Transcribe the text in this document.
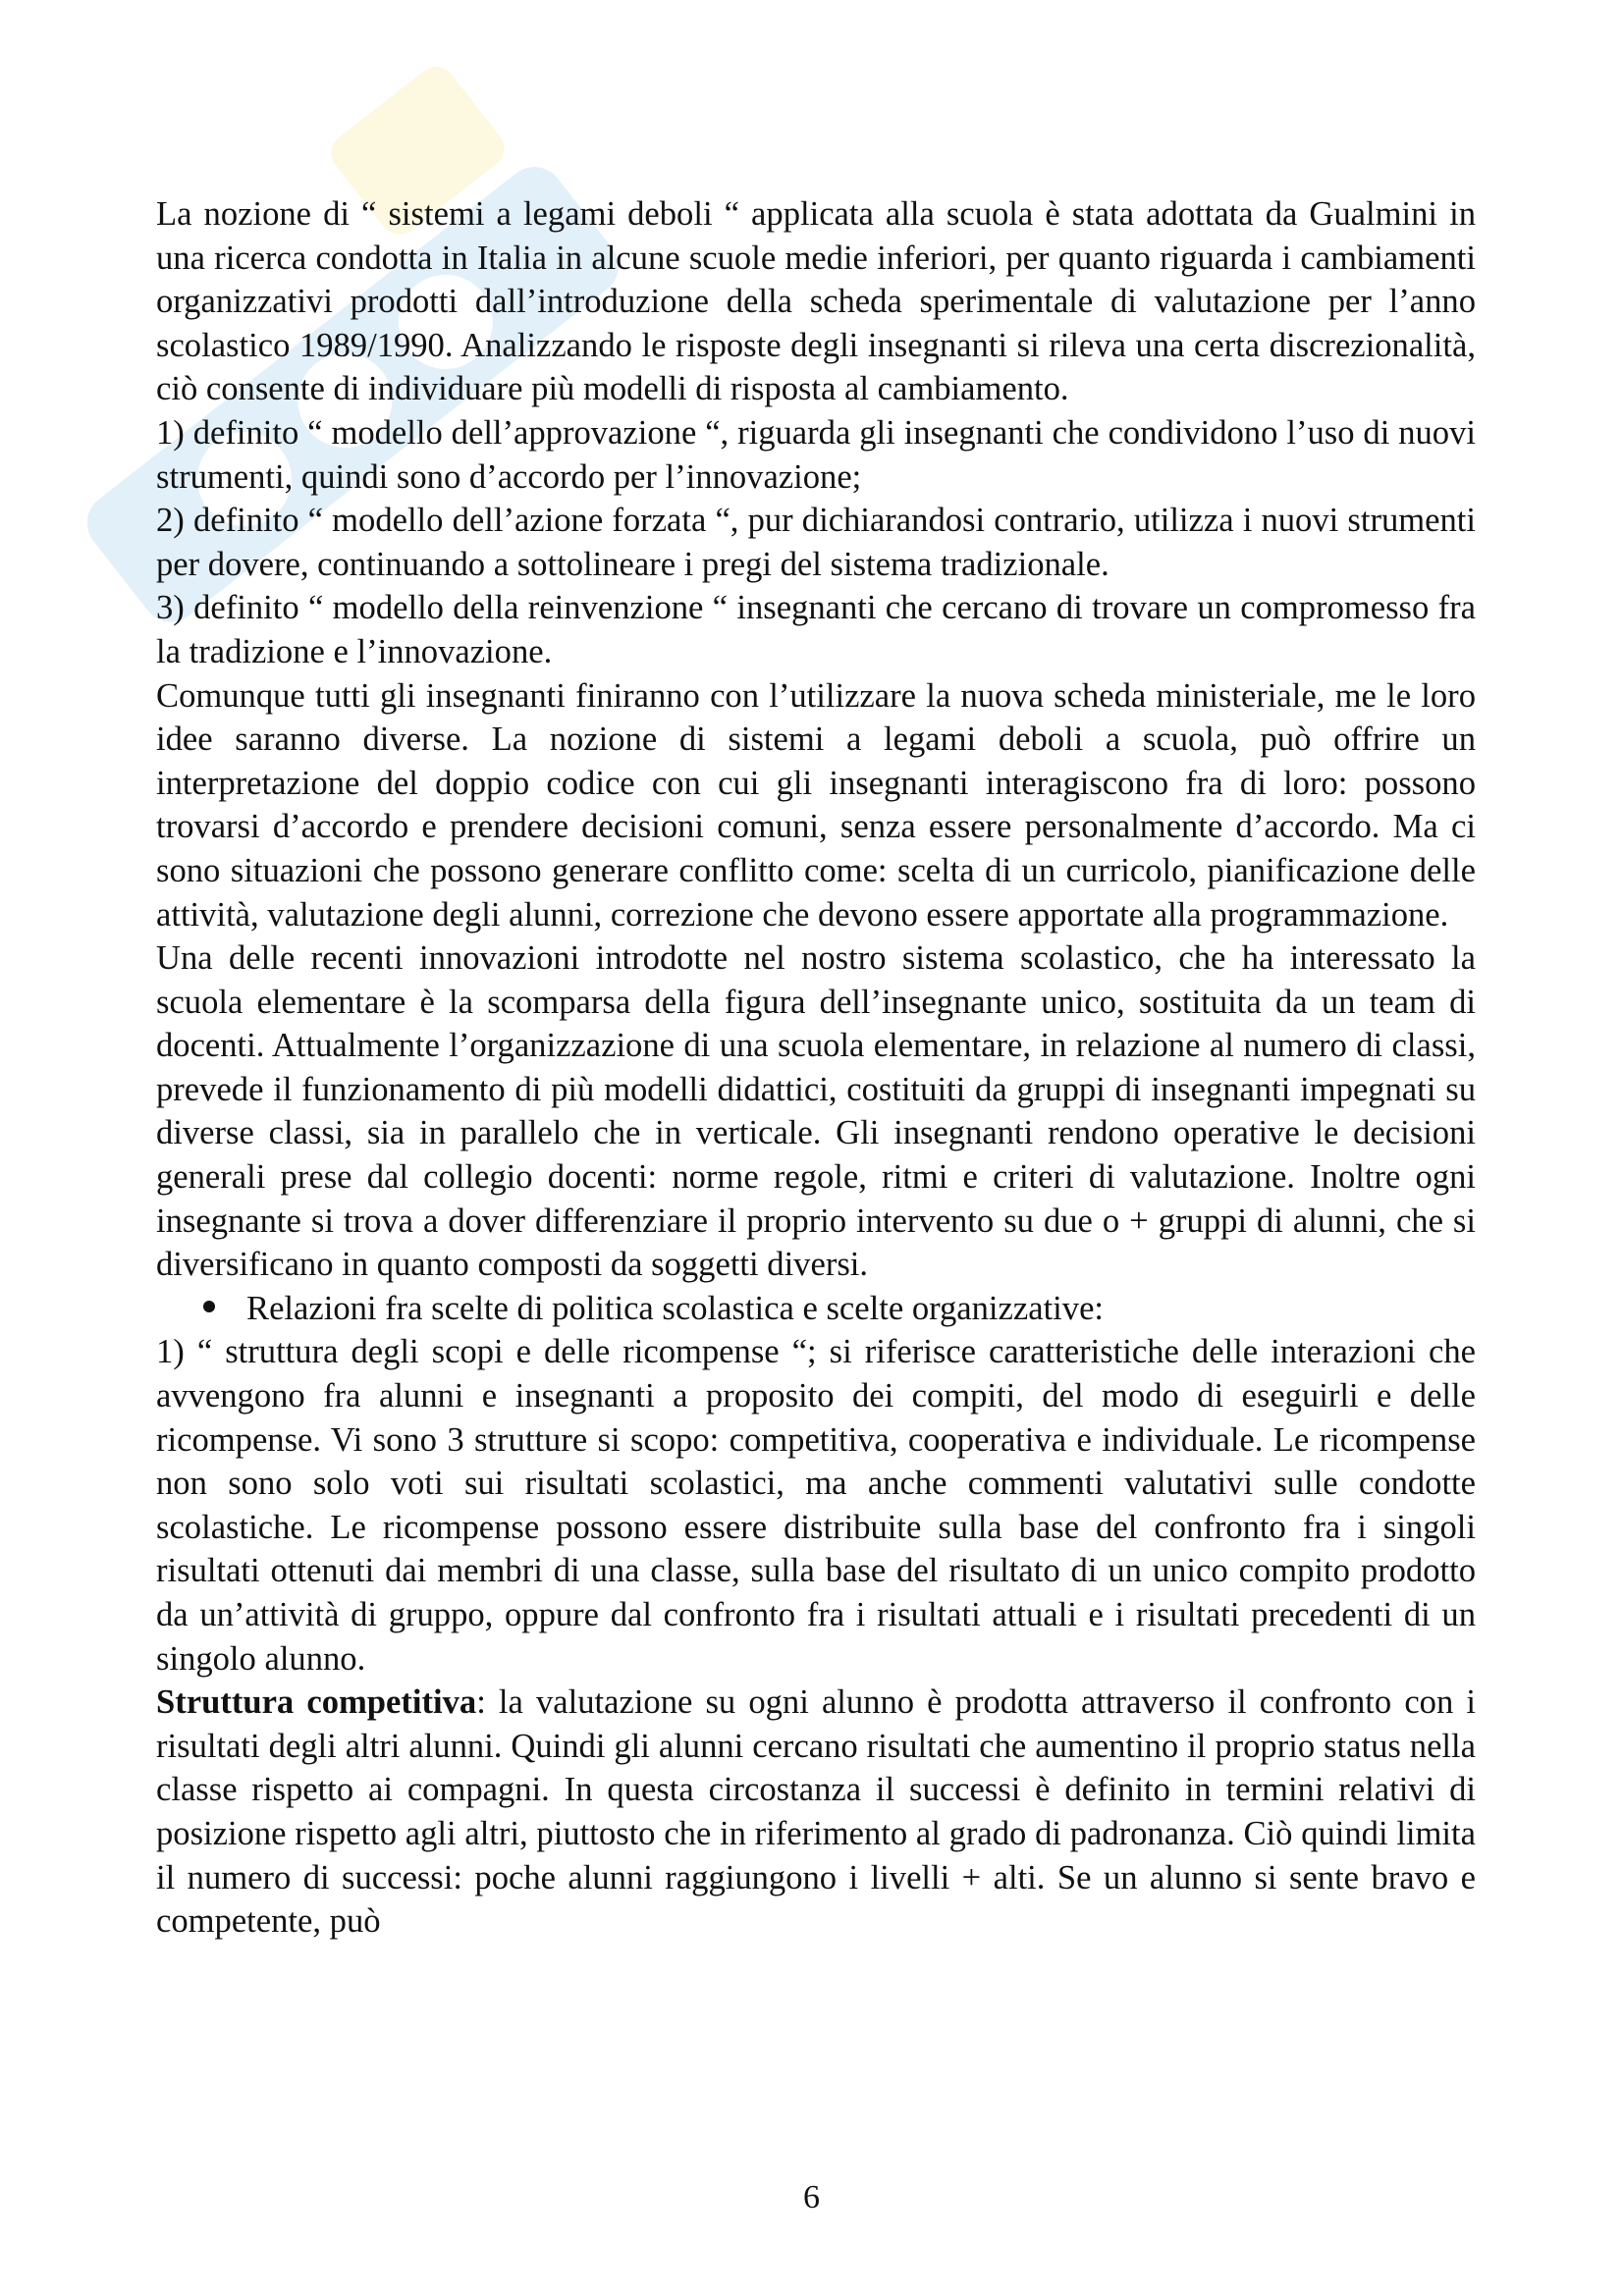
La nozione di “ sistemi a legami deboli “ applicata alla scuola è stata adottata da Gualmini in una ricerca condotta in Italia in alcune scuole medie inferiori, per quanto riguarda i cambiamenti organizzativi prodotti dall’introduzione della scheda sperimentale di valutazione per l’anno scolastico 1989/1990. Analizzando le risposte degli insegnanti si rileva una certa discrezionalità, ciò consente di individuare più modelli di risposta al cambiamento.

1) definito “ modello dell’approvazione “, riguarda gli insegnanti che condividono l’uso di nuovi strumenti, quindi sono d’accordo per l’innovazione;

2) definito “ modello dell’azione forzata “, pur dichiarandosi contrario, utilizza i nuovi strumenti per dovere, continuando a sottolineare i pregi del sistema tradizionale.

3) definito “ modello della reinvenzione “ insegnanti che cercano di trovare un compromesso fra la tradizione e l’innovazione.

Comunque tutti gli insegnanti finiranno con l’utilizzare la nuova scheda ministeriale, me le loro idee saranno diverse. La nozione di sistemi a legami deboli a scuola, può offrire un interpretazione del doppio codice con cui gli insegnanti interagiscono fra di loro: possono trovarsi d’accordo e prendere decisioni comuni, senza essere personalmente d’accordo. Ma ci sono situazioni che possono generare conflitto come: scelta di un curricolo, pianificazione delle attività, valutazione degli alunni, correzione che devono essere apportate alla programmazione.

Una delle recenti innovazioni introdotte nel nostro sistema scolastico, che ha interessato la scuola elementare è la scomparsa della figura dell’insegnante unico, sostituita da un team di docenti. Attualmente l’organizzazione di una scuola elementare, in relazione al numero di classi, prevede il funzionamento di più modelli didattici, costituiti da gruppi di insegnanti impegnati su diverse classi, sia in parallelo che in verticale. Gli insegnanti rendono operative le decisioni generali prese dal collegio docenti: norme regole, ritmi e criteri di valutazione. Inoltre ogni insegnante si trova a dover differenziare il proprio intervento su due o + gruppi di alunni, che si diversificano in quanto composti da soggetti diversi.

Relazioni fra scelte di politica scolastica e scelte organizzative:

1) “ struttura degli scopi e delle ricompense “; si riferisce caratteristiche delle interazioni che avvengono fra alunni e insegnanti a proposito dei compiti, del modo di eseguirli e delle ricompense. Vi sono 3 strutture si scopo: competitiva, cooperativa e individuale. Le ricompense non sono solo voti sui risultati scolastici, ma anche commenti valutativi sulle condotte scolastiche. Le ricompense possono essere distribuite sulla base del confronto fra i singoli risultati ottenuti dai membri di una classe, sulla base del risultato di un unico compito prodotto da un’attività di gruppo, oppure dal confronto fra i risultati attuali e i risultati precedenti di un singolo alunno.

Struttura competitiva: la valutazione su ogni alunno è prodotta attraverso il confronto con i risultati degli altri alunni. Quindi gli alunni cercano risultati che aumentino il proprio status nella classe rispetto ai compagni. In questa circostanza il successi è definito in termini relativi di posizione rispetto agli altri, piuttosto che in riferimento al grado di padronanza. Ciò quindi limita il numero di successi: poche alunni raggiungono i livelli + alti. Se un alunno si sente bravo e competente, può

6
